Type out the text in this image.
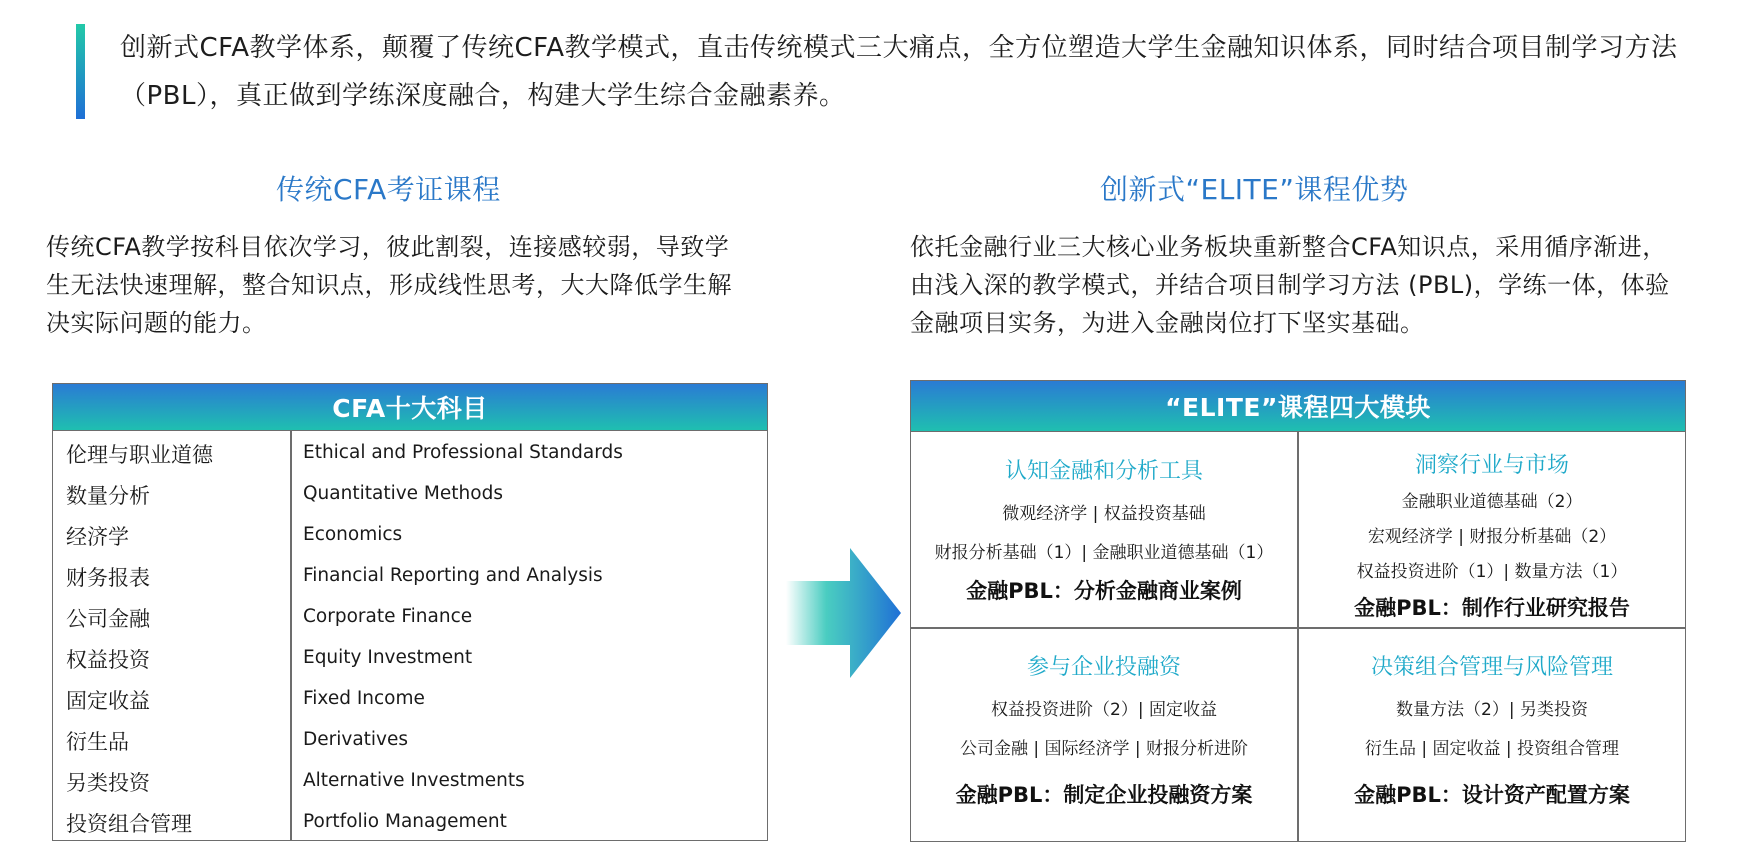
创新式CFA教学体系，颠覆了传统CFA教学模式，直击传统模式三大痛点，全方位塑造大学生金融知识体系，同时结合项目制学习方法（PBL），真正做到学练深度融合，构建大学生综合金融素养。
传统CFA考证课程
传统CFA教学按科目依次学习，彼此割裂，连接感较弱，导致学生无法快速理解，整合知识点，形成线性思考，大大降低学生解决实际问题的能力。
CFA十大科目
伦理与职业道德	Ethical and Professional Standards
数量分析	Quantitative Methods
经济学	Economics
财务报表	Financial Reporting and Analysis
公司金融	Corporate Finance
权益投资	Equity Investment
固定收益	Fixed Income
衍生品	Derivatives
另类投资	Alternative Investments
投资组合管理	Portfolio Management
创新式“ELITE”课程优势
依托金融行业三大核心业务板块重新整合CFA知识点，采用循序渐进，由浅入深的教学模式，并结合项目制学习方法 (PBL)，学练一体，体验金融项目实务，为进入金融岗位打下坚实基础。
“ELITE”课程四大模块
认知金融和分析工具
微观经济学 | 权益投资基础
财报分析基础（1）| 金融职业道德基础（1）
金融PBL：分析金融商业案例
洞察行业与市场
金融职业道德基础（2）
宏观经济学 | 财报分析基础（2）
权益投资进阶（1）| 数量方法（1）
金融PBL：制作行业研究报告
参与企业投融资
权益投资进阶（2）| 固定收益
公司金融 | 国际经济学 | 财报分析进阶
金融PBL：制定企业投融资方案
决策组合管理与风险管理
数量方法（2）| 另类投资
衍生品 | 固定收益 | 投资组合管理
金融PBL：设计资产配置方案
